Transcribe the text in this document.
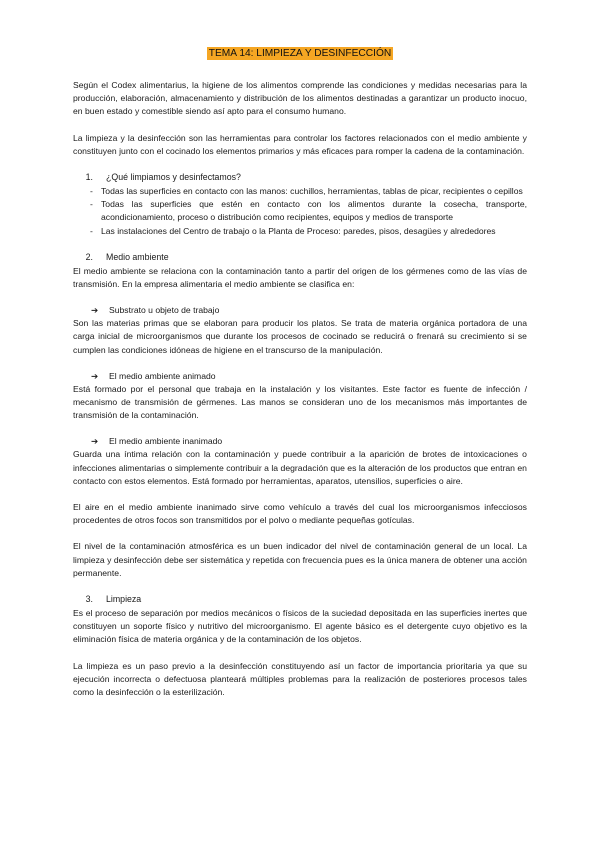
TEMA 14: LIMPIEZA Y DESINFECCIÓN

Según el Codex alimentarius, la higiene de los alimentos comprende las condiciones y medidas necesarias para la producción, elaboración, almacenamiento y distribución de los alimentos destinadas a garantizar un producto inocuo, en buen estado y comestible siendo así apto para el consumo humano.

La limpieza y la desinfección son las herramientas para controlar los factores relacionados con el medio ambiente y constituyen junto con el cocinado los elementos primarios y más eficaces para romper la cadena de la contaminación.

1.	¿Qué limpiamos y desinfectamos?
- Todas las superficies en contacto con las manos: cuchillos, herramientas, tablas de picar, recipientes o cepillos
- Todas las superficies que estén en contacto con los alimentos durante la cosecha, transporte, acondicionamiento, proceso o distribución como recipientes, equipos y medios de transporte
- Las instalaciones del Centro de trabajo o la Planta de Proceso: paredes, pisos, desagües y alrededores
2.	Medio ambiente

El medio ambiente se relaciona con la contaminación tanto a partir del origen de los gérmenes como de las vías de transmisión. En la empresa alimentaria el medio ambiente se clasifica en:

➔	Substrato u objeto de trabajo

Son las materias primas que se elaboran para producir los platos. Se trata de materia orgánica portadora de una carga inicial de microorganismos que durante los procesos de cocinado se reducirá o frenará su crecimiento si se cumplen las condiciones idóneas de higiene en el transcurso de la manipulación.

➔	El medio ambiente animado

Está formado por el personal que trabaja en la instalación y los visitantes. Este factor es fuente de infección / mecanismo de transmisión de gérmenes. Las manos se consideran uno de los mecanismos más importantes de transmisión de la contaminación.

➔	El medio ambiente inanimado

Guarda una íntima relación con la contaminación y puede contribuir a la aparición de brotes de intoxicaciones o infecciones alimentarias o simplemente contribuir a la degradación que es la alteración de los productos que entran en contacto con estos elementos. Está formado por herramientas, aparatos, utensilios, superficies o aire.

El aire en el medio ambiente inanimado sirve como vehículo a través del cual los microorganismos infecciosos procedentes de otros focos son transmitidos por el polvo o mediante pequeñas gotículas.

El nivel de la contaminación atmosférica es un buen indicador del nivel de contaminación general de un local. La limpieza y desinfección debe ser sistemática y repetida con frecuencia pues es la única manera de obtener una acción permanente.

3.	Limpieza

Es el proceso de separación por medios mecánicos o físicos de la suciedad depositada en las superficies inertes que constituyen un soporte físico y nutritivo del microorganismo. El agente básico es el detergente cuyo objetivo es la eliminación física de materia orgánica y de la contaminación de los objetos.

La limpieza es un paso previo a la desinfección constituyendo así un factor de importancia prioritaria ya que su ejecución incorrecta o defectuosa planteará múltiples problemas para la realización de posteriores procesos tales como la desinfección o la esterilización.
